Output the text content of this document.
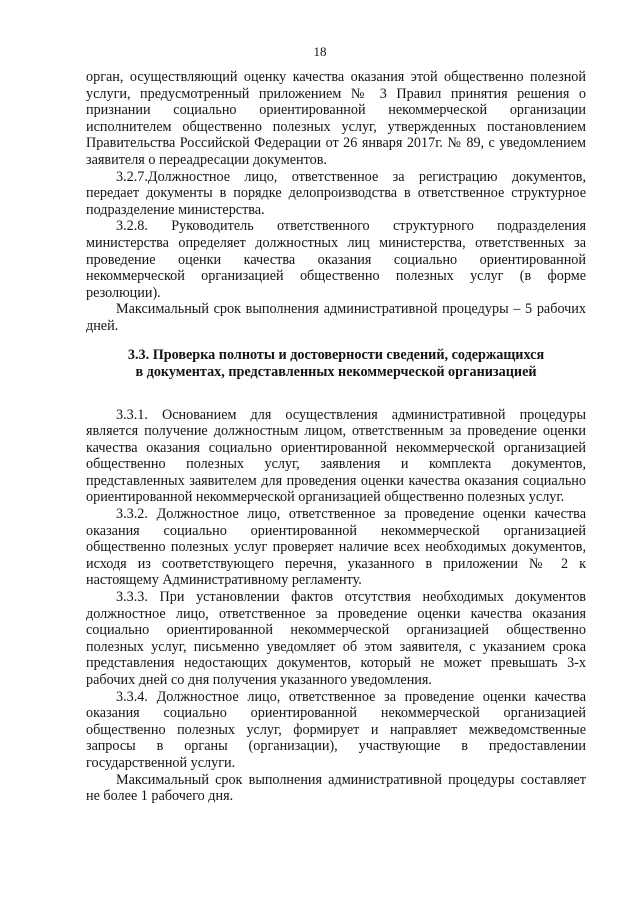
18

орган, осуществляющий оценку качества оказания этой общественно полезной услуги, предусмотренный приложением № 3 Правил принятия решения о признании социально ориентированной некоммерческой организации исполнителем общественно полезных услуг, утвержденных постановлением Правительства Российской Федерации от 26 января 2017г. № 89, с уведомлением заявителя о переадресации документов.

3.2.7.Должностное лицо, ответственное за регистрацию документов, передает документы в порядке делопроизводства в ответственное структурное подразделение министерства.

3.2.8. Руководитель ответственного структурного подразделения министерства определяет должностных лиц министерства, ответственных за проведение оценки качества оказания социально ориентированной некоммерческой организацией общественно полезных услуг (в форме резолюции).

Максимальный срок выполнения административной процедуры – 5 рабочих дней.

3.3. Проверка полноты и достоверности сведений, содержащихся
в документах, представленных некоммерческой организацией

3.3.1. Основанием для осуществления административной процедуры является получение должностным лицом, ответственным за проведение оценки качества оказания социально ориентированной некоммерческой организацией общественно полезных услуг, заявления и комплекта документов, представленных заявителем для проведения оценки качества оказания социально ориентированной некоммерческой организацией общественно полезных услуг.

3.3.2. Должностное лицо, ответственное за проведение оценки качества оказания социально ориентированной некоммерческой организацией общественно полезных услуг проверяет наличие всех необходимых документов, исходя из соответствующего перечня, указанного в приложении № 2 к настоящему Административному регламенту.

3.3.3. При установлении фактов отсутствия необходимых документов должностное лицо, ответственное за проведение оценки качества оказания социально ориентированной некоммерческой организацией общественно полезных услуг, письменно уведомляет об этом заявителя, с указанием срока представления недостающих документов, который не может превышать 3-х рабочих дней со дня получения указанного уведомления.

3.3.4. Должностное лицо, ответственное за проведение оценки качества оказания социально ориентированной некоммерческой организацией общественно полезных услуг, формирует и направляет межведомственные запросы в органы (организации), участвующие в предоставлении государственной услуги.

Максимальный срок выполнения административной процедуры составляет не более 1 рабочего дня.
